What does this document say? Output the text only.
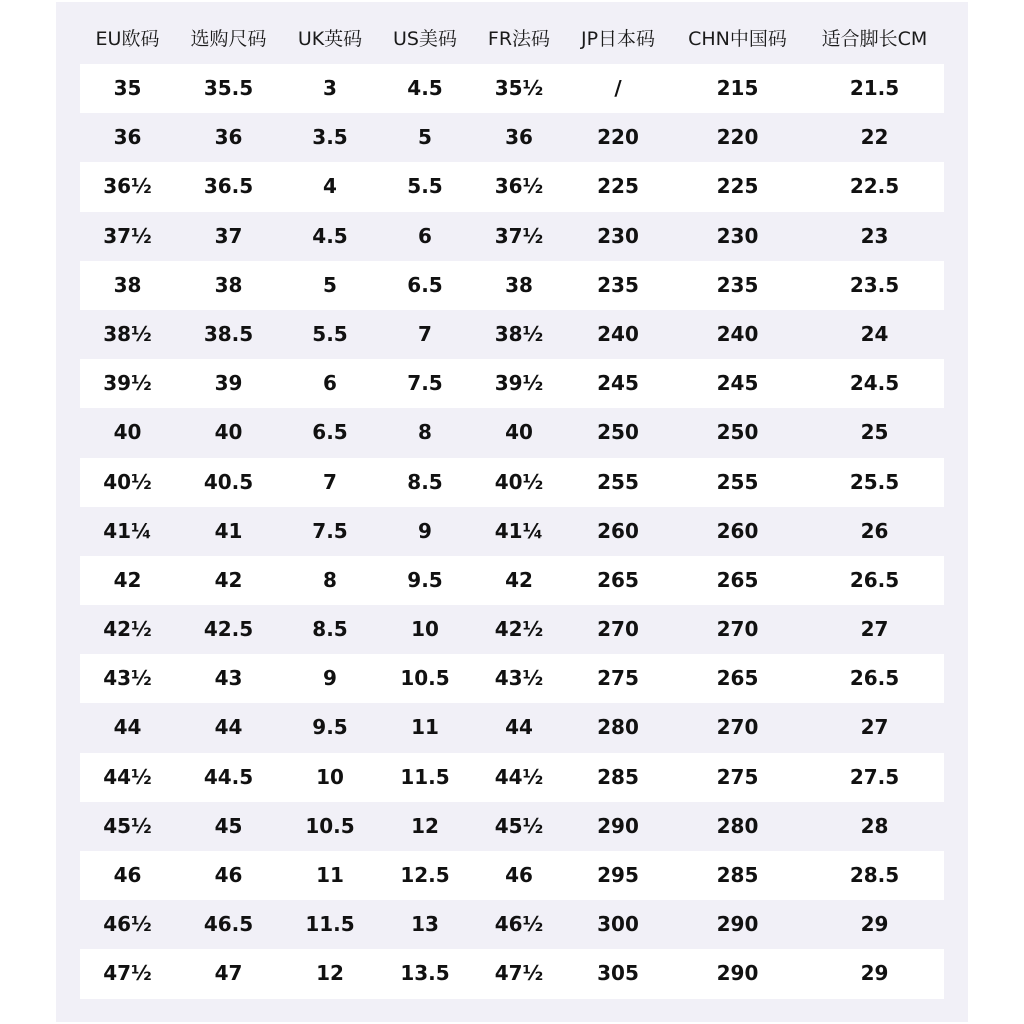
EU欧码	选购尺码	UK英码	US美码	FR法码	JP日本码	CHN中国码	适合脚长CM
35	35.5	3	4.5	35½	/	215	21.5
36	36	3.5	5	36	220	220	22
36½	36.5	4	5.5	36½	225	225	22.5
37½	37	4.5	6	37½	230	230	23
38	38	5	6.5	38	235	235	23.5
38½	38.5	5.5	7	38½	240	240	24
39½	39	6	7.5	39½	245	245	24.5
40	40	6.5	8	40	250	250	25
40½	40.5	7	8.5	40½	255	255	25.5
41¼	41	7.5	9	41¼	260	260	26
42	42	8	9.5	42	265	265	26.5
42½	42.5	8.5	10	42½	270	270	27
43½	43	9	10.5	43½	275	265	26.5
44	44	9.5	11	44	280	270	27
44½	44.5	10	11.5	44½	285	275	27.5
45½	45	10.5	12	45½	290	280	28
46	46	11	12.5	46	295	285	28.5
46½	46.5	11.5	13	46½	300	290	29
47½	47	12	13.5	47½	305	290	29
